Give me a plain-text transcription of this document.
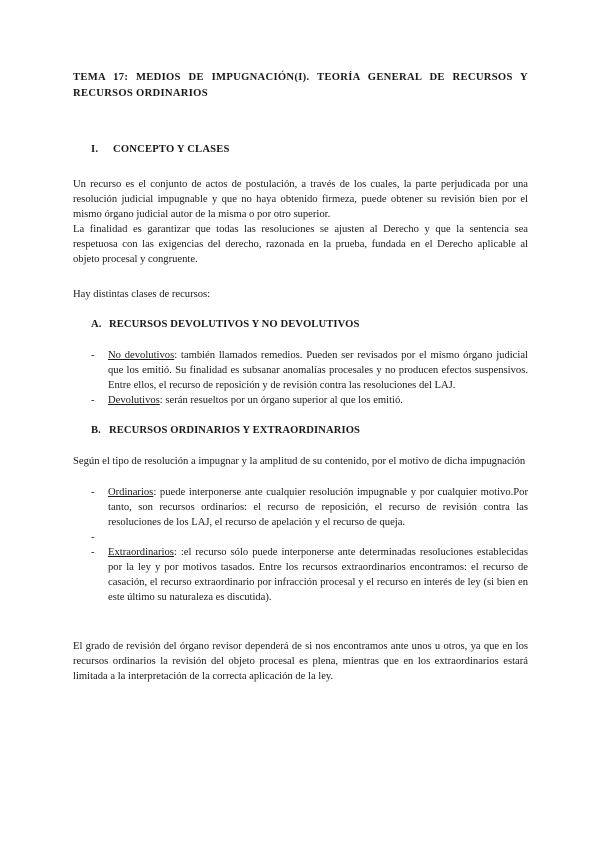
TEMA 17: MEDIOS DE IMPUGNACIÓN(I). TEORÍA GENERAL DE RECURSOS Y RECURSOS ORDINARIOS

I.	CONCEPTO Y CLASES

Un recurso es el conjunto de actos de postulación, a través de los cuales, la parte perjudicada por una resolución judicial impugnable y que no haya obtenido firmeza, puede obtener su revisión bien por el mismo órgano judicial autor de la misma o por otro superior.

La finalidad es garantizar que todas las resoluciones se ajusten al Derecho y que la sentencia sea respetuosa con las exigencias del derecho, razonada en la prueba, fundada en el Derecho aplicable al objeto procesal y congruente.

Hay distintas clases de recursos:

A. RECURSOS DEVOLUTIVOS Y NO DEVOLUTIVOS
-	No devolutivos: también llamados remedios. Pueden ser revisados por el mismo órgano judicial que los emitió. Su finalidad es subsanar anomalías procesales y no producen efectos suspensivos. Entre ellos, el recurso de reposición y de revisión contra las resoluciones del LAJ.
-	Devolutivos: serán resueltos por un órgano superior al que los emitió.
B. RECURSOS ORDINARIOS Y EXTRAORDINARIOS

Según el tipo de resolución a impugnar y la amplitud de su contenido, por el motivo de dicha impugnación

-	Ordinarios: puede interponerse ante cualquier resolución impugnable y por cualquier motivo.Por tanto, son recursos ordinarios: el recurso de reposición, el recurso de revisión contra las resoluciones de los LAJ, el recurso de apelación y el recurso de queja.
-
-	Extraordinarios: :el recurso sólo puede interponerse ante determinadas resoluciones establecidas por la ley y por motivos tasados. Entre los recursos extraordinarios encontramos: el recurso de casación, el recurso extraordinario por infracción procesal y el recurso en interés de ley (si bien en este último su naturaleza es discutida).

El grado de revisión del órgano revisor dependerá de si nos encontramos ante unos u otros, ya que en los recursos ordinarios la revisión del objeto procesal es plena, mientras que en los extraordinarios estará limitada a la interpretación de la correcta aplicación de la ley.
